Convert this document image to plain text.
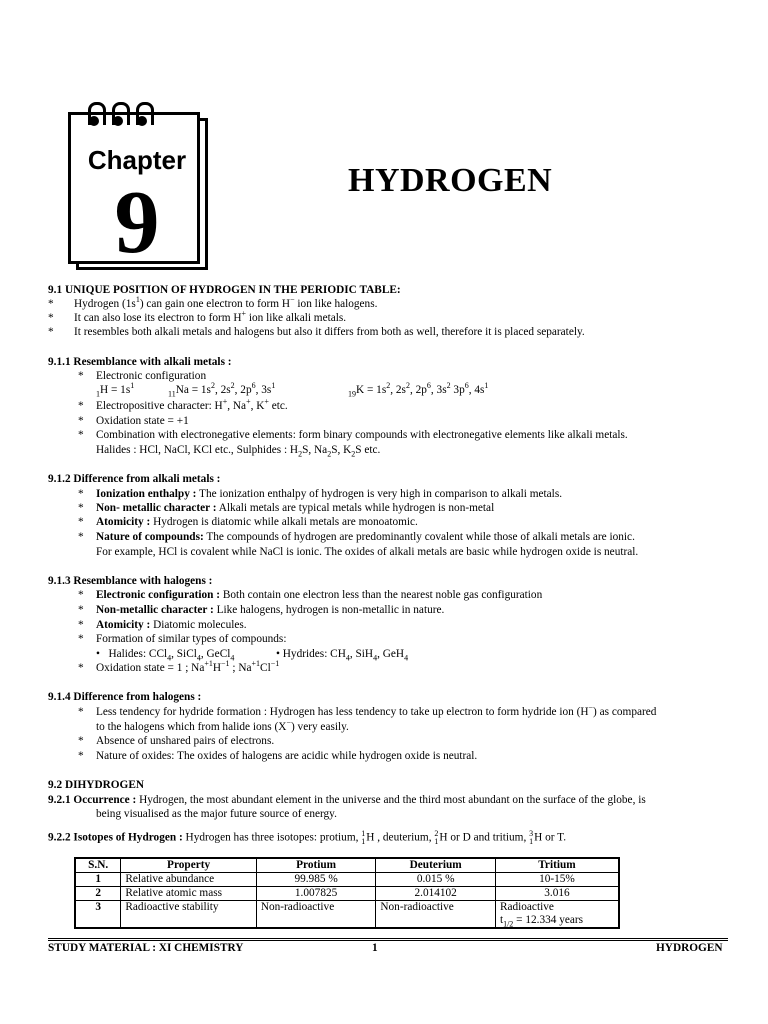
Chapter
9	HYDROGEN
9.1 UNIQUE POSITION OF HYDROGEN IN THE PERIODIC TABLE:
* Hydrogen $(1s^1)$ can gain one electron to form H− ion like halogens.
* It can also lose its electron to form H+ ion like alkali metals.
* It resembles both alkali metals and halogens but also it differs from both as well, therefore it is placed separately.
9.1.1 Resemblance with alkali metals :
* Electronic configuration
$_1H = 1s^1$
$_{11}Na = 1s^2$, $2s^2$, $2p^6$, $3s^1$
$_{19}K = 1s^2$, $2s^2$, $2p^6$, $3s^2$ $3p^6$, $4s^1$
* Electropositive character: H+, Na+, K+ etc.
* Oxidation state = +1
* Combination with electronegative elements: form binary compounds with electronegative elements like alkali metals.
Halides : HCl, NaCl, KCl etc., Sulphides : $H_2S$, $Na_2S$, $K_2S$ etc.
9.1.2 Difference from alkali metals :
* Ionization enthalpy : The ionization enthalpy of hydrogen is very high in comparison to alkali metals.
* Non- metallic character : Alkali metals are typical metals while hydrogen is non-metal
* Atomicity : Hydrogen is diatomic while alkali metals are monoatomic.
* Nature of compounds: The compounds of hydrogen are predominantly covalent while those of alkali metals are ionic.
For example, HCl is covalent while NaCl is ionic. The oxides of alkali metals are basic while hydrogen oxide is neutral.
9.1.3 Resemblance with halogens :
* Electronic configuration : Both contain one electron less than the nearest noble gas configuration
* Non-metallic character : Like halogens, hydrogen is non-metallic in nature.
* Atomicity : Diatomic molecules.
* Formation of similar types of compounds:
•   Halides: CCl$_4$, SiCl$_4$, GeCl$_4$	• Hydrides: $CH_4$, SiH$_4$, GeH$_4$
* Oxidation state = 1 ; $Na^{+1}H^{-1}$ ; $Na^{+1}Cl^{-1}$
9.1.4 Difference from halogens :
* Less tendency for hydride formation : Hydrogen has less tendency to take up electron to form hydride ion (H−) as compared
to the halogens which from halide ions (X−) very easily.
* Absence of unshared pairs of electrons.
* Nature of oxides: The oxides of halogens are acidic while hydrogen oxide is neutral.
9.2 DIHYDROGEN
9.2.1 Occurrence : Hydrogen, the most abundant element in the universe and the third most abundant on the surface of the globe, is
being visualised as the major future source of energy.
9.2.2 Isotopes of Hydrogen : Hydrogen has three isotopes: protium, 1
1 H , deuterium, 2
1 H or D and tritium, 3
1 H or T.
S.N.	Property	Protium	Deuterium	Tritium
1	Relative abundance	99.985 %	0.015 %	10-15%
2	Relative atomic mass	1.007825	2.014102	3.016
3	Radioactive stability	Non-radioactive	Non-radioactive	Radioactive
$t_{1/2} = 12.334$ years
STUDY MATERIAL : XI CHEMISTRY	1	HYDROGEN
